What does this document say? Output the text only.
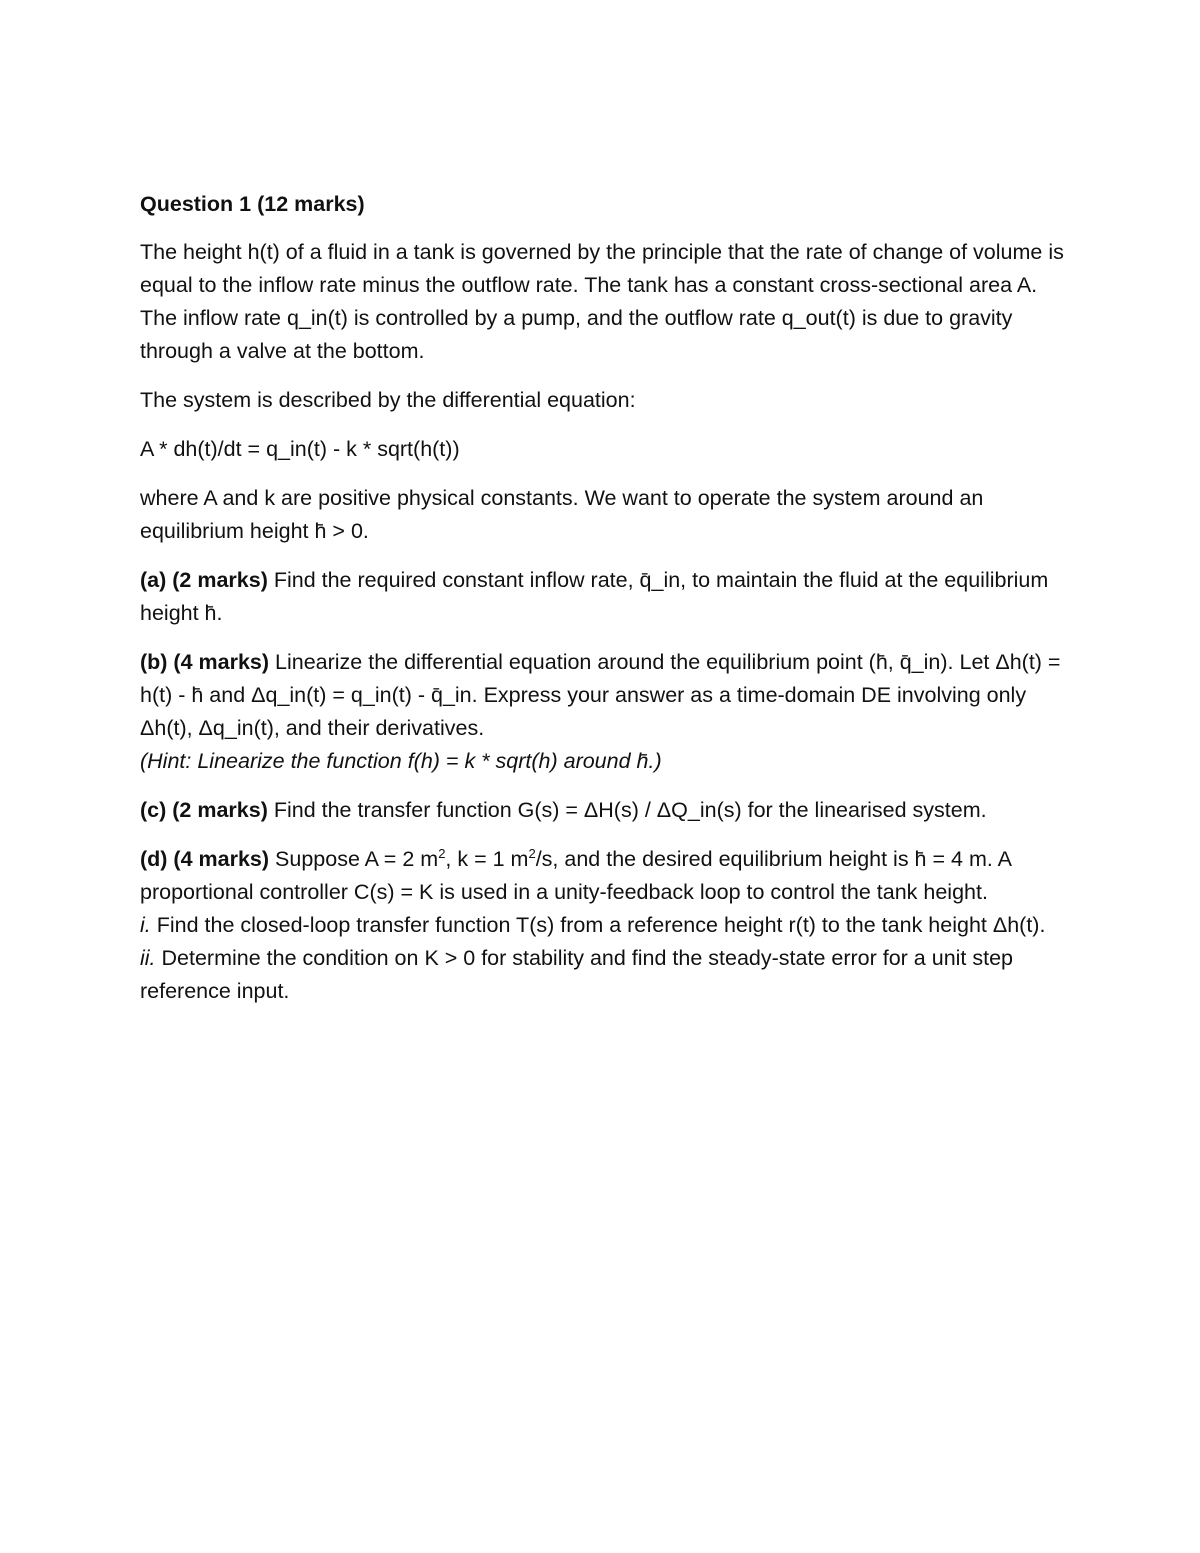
Question 1 (12 marks)

The height h(t) of a fluid in a tank is governed by the principle that the rate of change of volume is equal to the inflow rate minus the outflow rate. The tank has a constant cross-sectional area A. The inflow rate q_in(t) is controlled by a pump, and the outflow rate q_out(t) is due to gravity through a valve at the bottom.

The system is described by the differential equation:

A * dh(t)/dt = q_in(t) - k * sqrt(h(t))

where A and k are positive physical constants. We want to operate the system around an equilibrium height h̄ > 0.

(a) (2 marks) Find the required constant inflow rate, q̄_in, to maintain the fluid at the equilibrium height h̄.

(b) (4 marks) Linearize the differential equation around the equilibrium point (h̄, q̄_in). Let Δh(t) = h(t) - h̄ and Δq_in(t) = q_in(t) - q̄_in. Express your answer as a time-domain DE involving only Δh(t), Δq_in(t), and their derivatives.
(Hint: Linearize the function f(h) = k * sqrt(h) around h̄.)

(c) (2 marks) Find the transfer function G(s) = ΔH(s) / ΔQ_in(s) for the linearised system.

(d) (4 marks) Suppose A = 2 $m^2$, k = 1 $m^2/s$, and the desired equilibrium height is h̄ = 4 m. A proportional controller C(s) = K is used in a unity-feedback loop to control the tank height.
i. Find the closed-loop transfer function T(s) from a reference height r(t) to the tank height Δh(t).
ii. Determine the condition on K > 0 for stability and find the steady-state error for a unit step reference input.
